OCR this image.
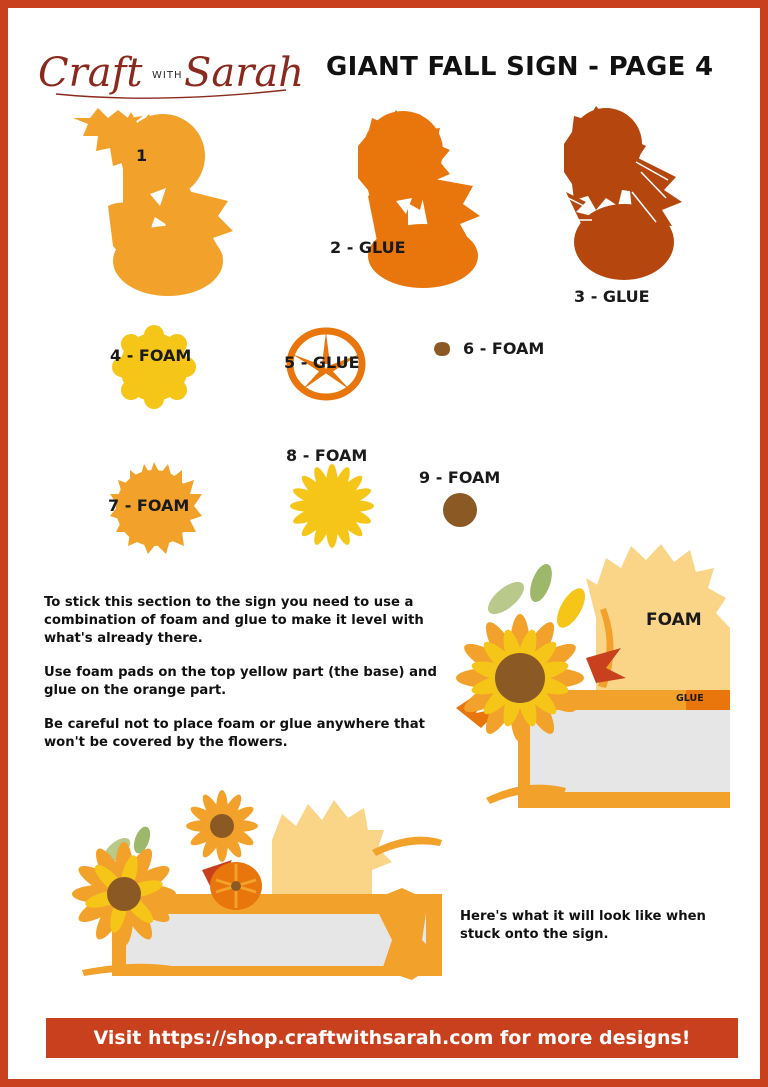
Craft WITH Sarah GIANT FALL SIGN - PAGE 4
1
2 - GLUE
3 - GLUE
4 - FOAM	5 - GLUE
6 - FOAM
7 - FOAM
8 - FOAM
9 - FOAM

To stick this section to the sign you need to use a combination of foam and glue to make it level with what's already there.

Use foam pads on the top yellow part (the base) and glue on the orange part.

Be careful not to place foam or glue anywhere that won't be covered by the flowers.

FOAM
GLUE
Here's what it will look like when stuck onto the sign.
Visit https://shop.craftwithsarah.com for more designs!
